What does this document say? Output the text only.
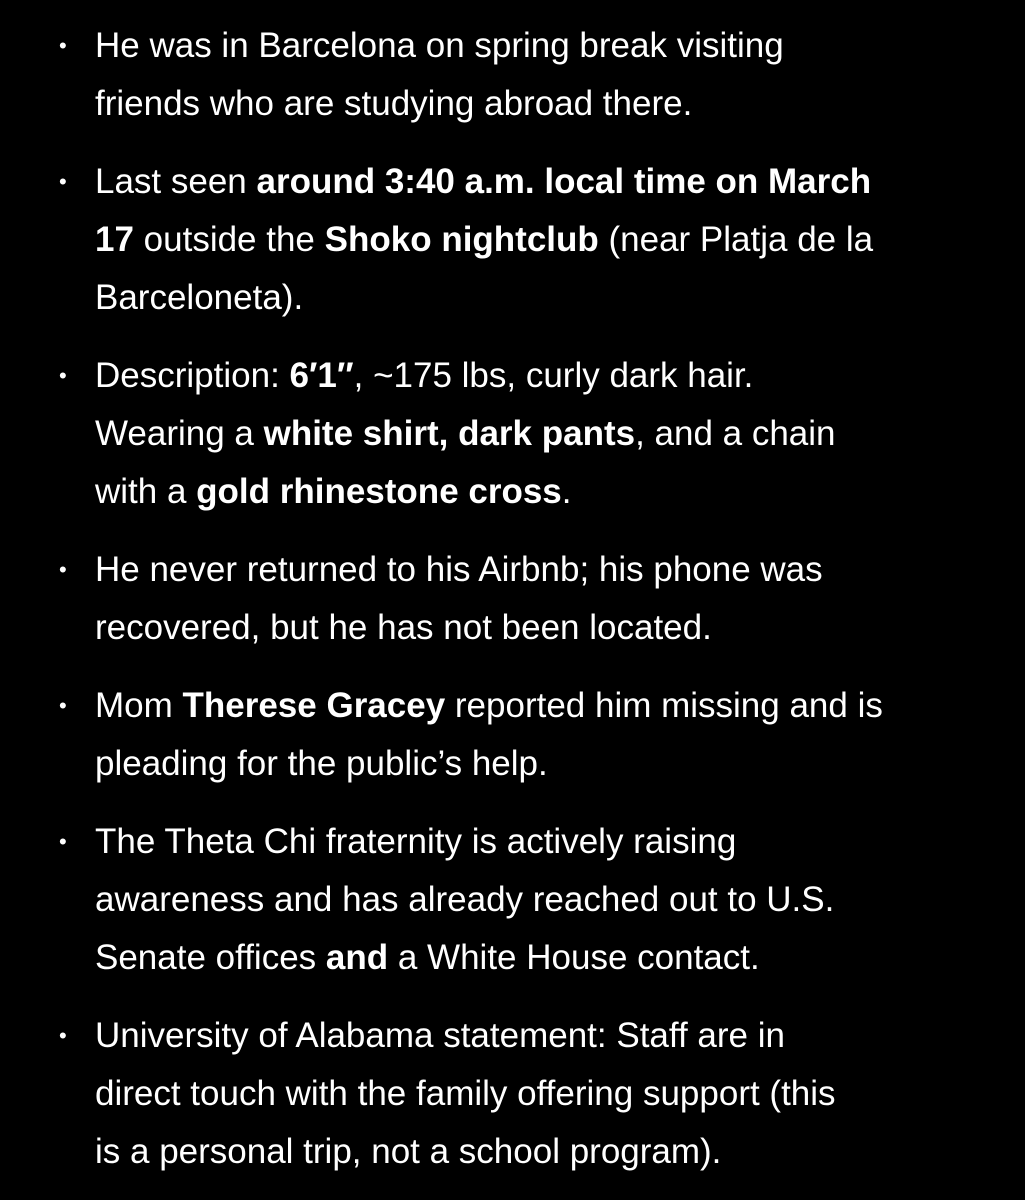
• He was in Barcelona on spring break visiting
friends who are studying abroad there.
• Last seen around 3:40 a.m. local time on March
17 outside the Shoko nightclub (near Platja de la
Barceloneta).
• Description: 6′1″, ~175 lbs, curly dark hair.
Wearing a white shirt, dark pants, and a chain
with a gold rhinestone cross.
• He never returned to his Airbnb; his phone was
recovered, but he has not been located.
• Mom Therese Gracey reported him missing and is
pleading for the public’s help.
• The Theta Chi fraternity is actively raising
awareness and has already reached out to U.S.
Senate offices and a White House contact.
• University of Alabama statement: Staff are in
direct touch with the family offering support (this
is a personal trip, not a school program).
